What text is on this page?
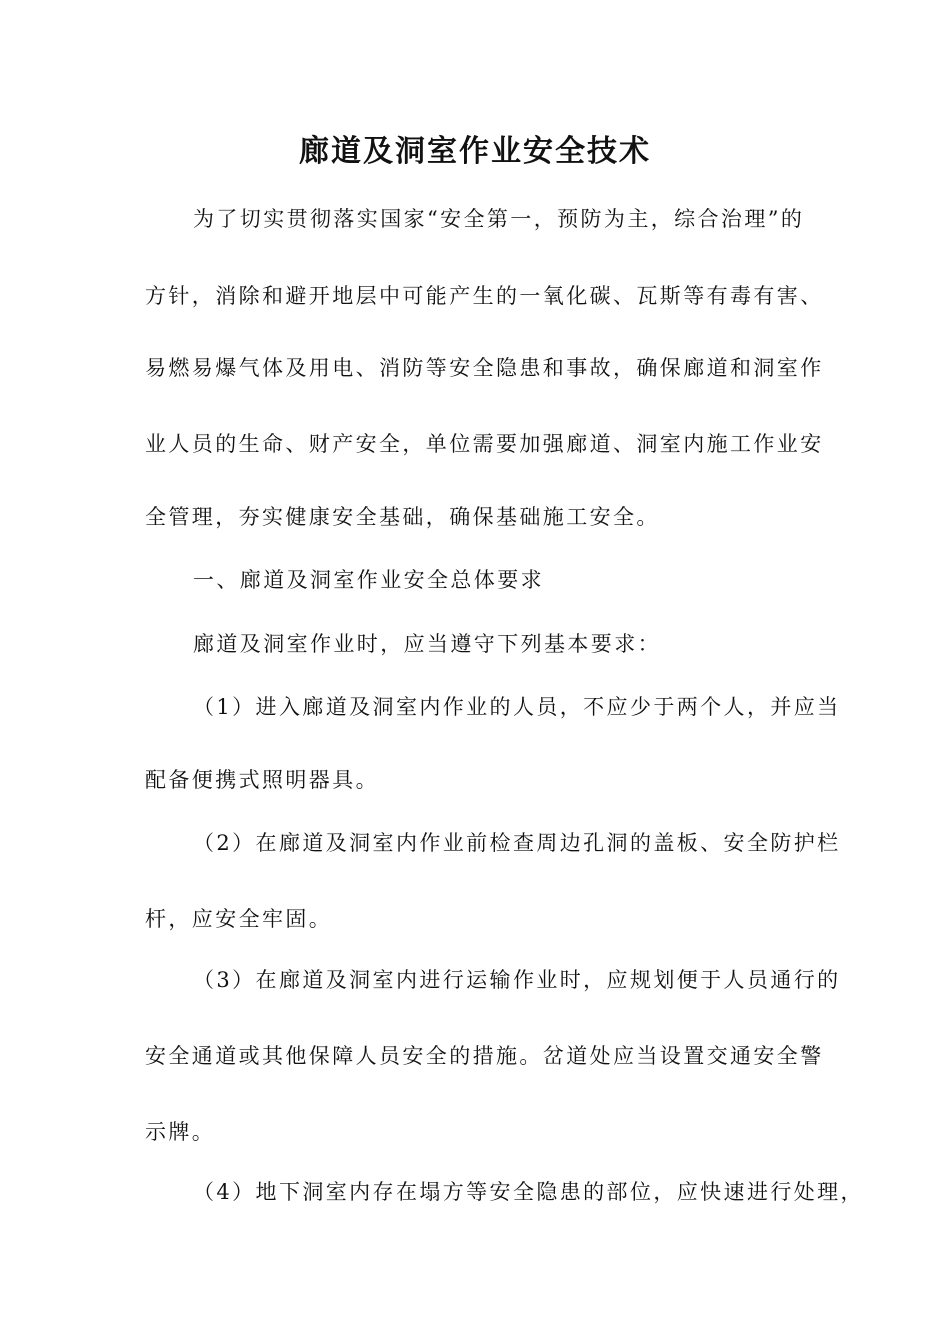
廊道及洞室作业安全技术
为了切实贯彻落实国家“安全第一，预防为主，综合治理”的
方针，消除和避开地层中可能产生的一氧化碳、瓦斯等有毒有害、
易燃易爆气体及用电、消防等安全隐患和事故，确保廊道和洞室作
业人员的生命、财产安全，单位需要加强廊道、洞室内施工作业安
全管理，夯实健康安全基础，确保基础施工安全。
一、廊道及洞室作业安全总体要求
廊道及洞室作业时，应当遵守下列基本要求：
（1）进入廊道及洞室内作业的人员，不应少于两个人，并应当
配备便携式照明器具。
（2）在廊道及洞室内作业前检查周边孔洞的盖板、安全防护栏
杆，应安全牢固。
（3）在廊道及洞室内进行运输作业时，应规划便于人员通行的
安全通道或其他保障人员安全的措施。岔道处应当设置交通安全警
示牌。
（4）地下洞室内存在塌方等安全隐患的部位，应快速进行处理，
